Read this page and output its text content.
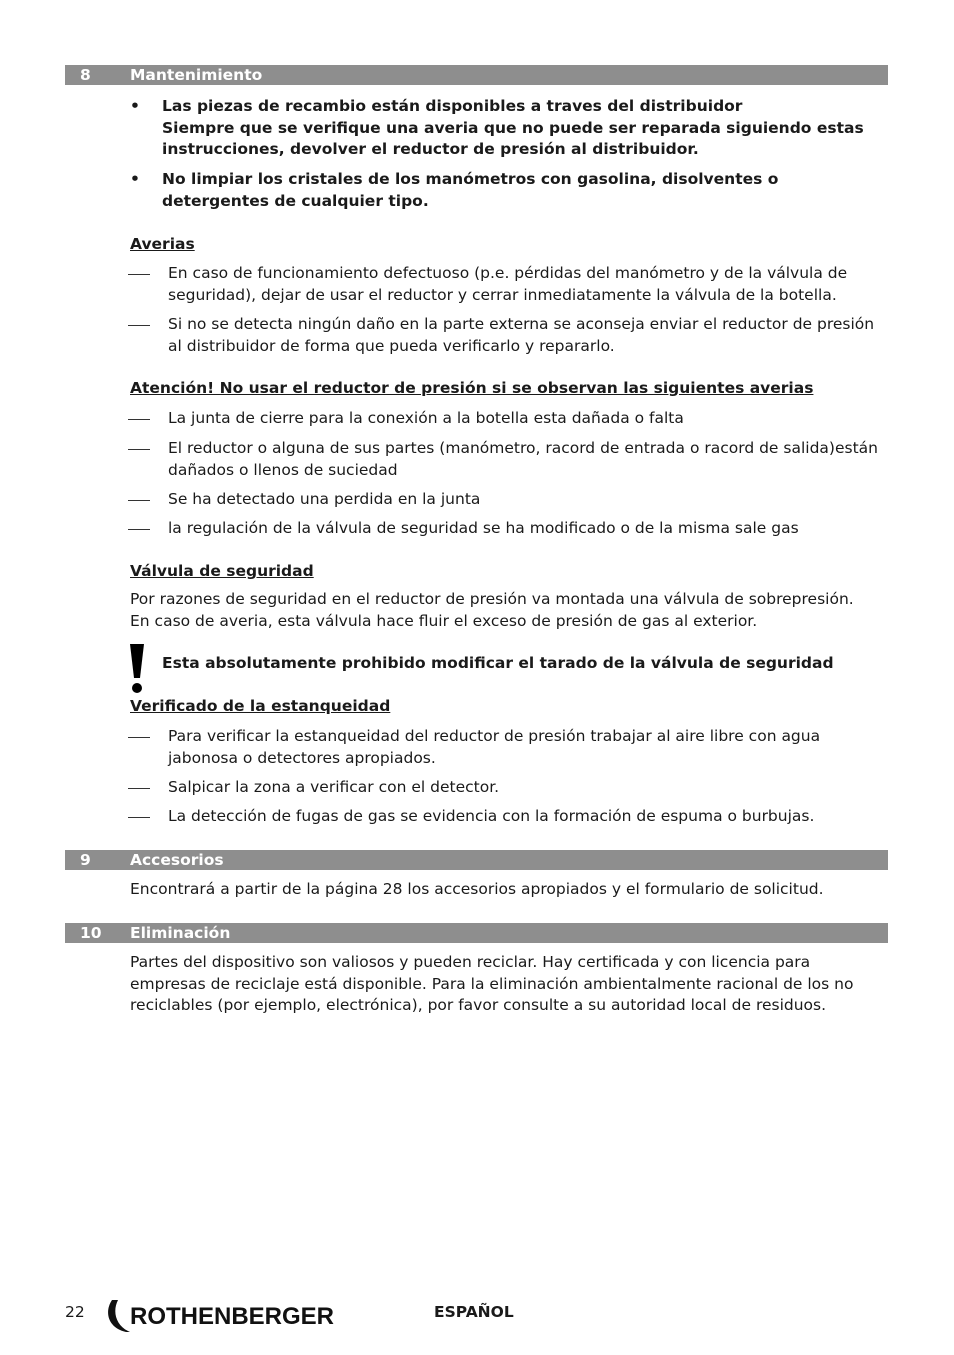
8	Mantenimiento
• Las piezas de recambio están disponibles a traves del distribuidor
Siempre que se verifique una averia que no puede ser reparada siguiendo estas instrucciones, devolver el reductor de presión al distribuidor.
• No limpiar los cristales de los manómetros con gasolina, disolventes o detergentes de cualquier tipo.
Averias
En caso de funcionamiento defectuoso (p.e. pérdidas del manómetro y de la válvula de seguridad), dejar de usar el reductor y cerrar inmediatamente la válvula de la botella.
Si no se detecta ningún daño en la parte externa se aconseja enviar el reductor de presión al distribuidor de forma que pueda verificarlo y repararlo.
Atención! No usar el reductor de presión si se observan las siguientes averias
La junta de cierre para la conexión a la botella esta dañada o falta
El reductor o alguna de sus partes (manómetro, racord de entrada o racord de salida)están dañados o llenos de suciedad
Se ha detectado una perdida en la junta
la regulación de la válvula de seguridad se ha modificado o de la misma sale gas
Válvula de seguridad
Por razones de seguridad en el reductor de presión va montada una válvula de sobrepresión.
En caso de averia, esta válvula hace fluir el exceso de presión de gas al exterior.
Esta absolutamente prohibido modificar el tarado de la válvula de seguridad
Verificado de la estanqueidad
Para verificar la estanqueidad del reductor de presión trabajar al aire libre con agua jabonosa o detectores apropiados.
Salpicar la zona a verificar con el detector.
La detección de fugas de gas se evidencia con la formación de espuma o burbujas.
9	Accesorios
Encontrará a partir de la página 28 los accesorios apropiados y el formulario de solicitud.
10 Eliminación
Partes del dispositivo son valiosos y pueden reciclar. Hay certificada y con licencia para empresas de reciclaje está disponible. Para la eliminación ambientalmente racional de los no reciclables (por ejemplo, electrónica), por favor consulte a su autoridad local de residuos.
22 ROTHENBERGER	ESPAÑOL
